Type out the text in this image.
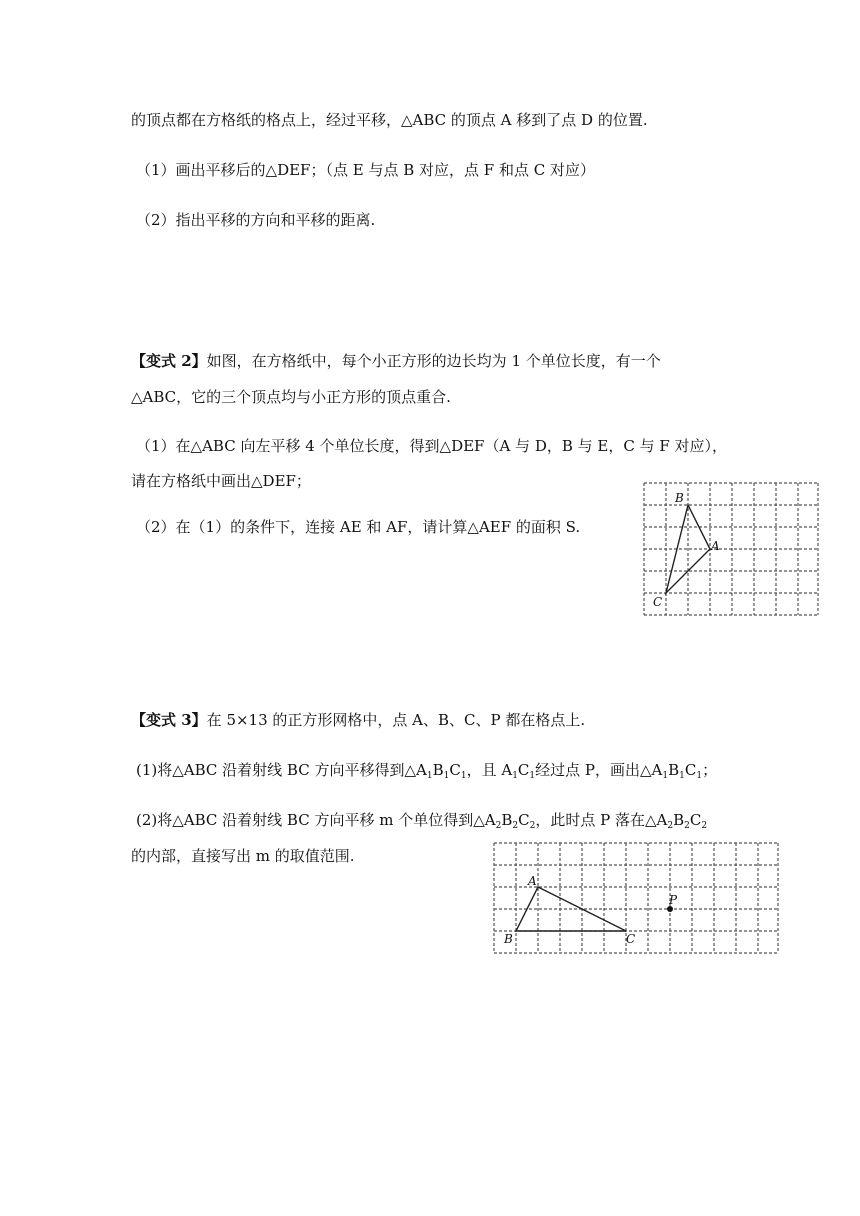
的顶点都在方格纸的格点上，经过平移，△ABC 的顶点 A 移到了点 D 的位置.
（1）画出平移后的△DEF；（点 E 与点 B 对应，点 F 和点 C 对应）
（2）指出平移的方向和平移的距离.
【变式 2】如图，在方格纸中，每个小正方形的边长均为 1 个单位长度，有一个
△ABC，它的三个顶点均与小正方形的顶点重合.
（1）在△ABC 向左平移 4 个单位长度，得到△DEF（A 与 D，B 与 E，C 与 F 对应），
请在方格纸中画出△DEF；
（2）在（1）的条件下，连接 AE 和 AF，请计算△AEF 的面积 S.
B
A
C
【变式 3】在 5×13 的正方形网格中，点 A、B、C、P 都在格点上.
(1)将△ABC 沿着射线 BC 方向平移得到$\triangle A_1B_1C_1$，且 $A_1C_1$经过点 P，画出$\triangle A_1B_1C_1$；
(2)将△ABC 沿着射线 BC 方向平移 m 个单位得到$\triangle A_2B_2C_2$，此时点 P 落在$\triangle A_2B_2C_2$
的内部，直接写出 m 的取值范围.
A
B	C
P
